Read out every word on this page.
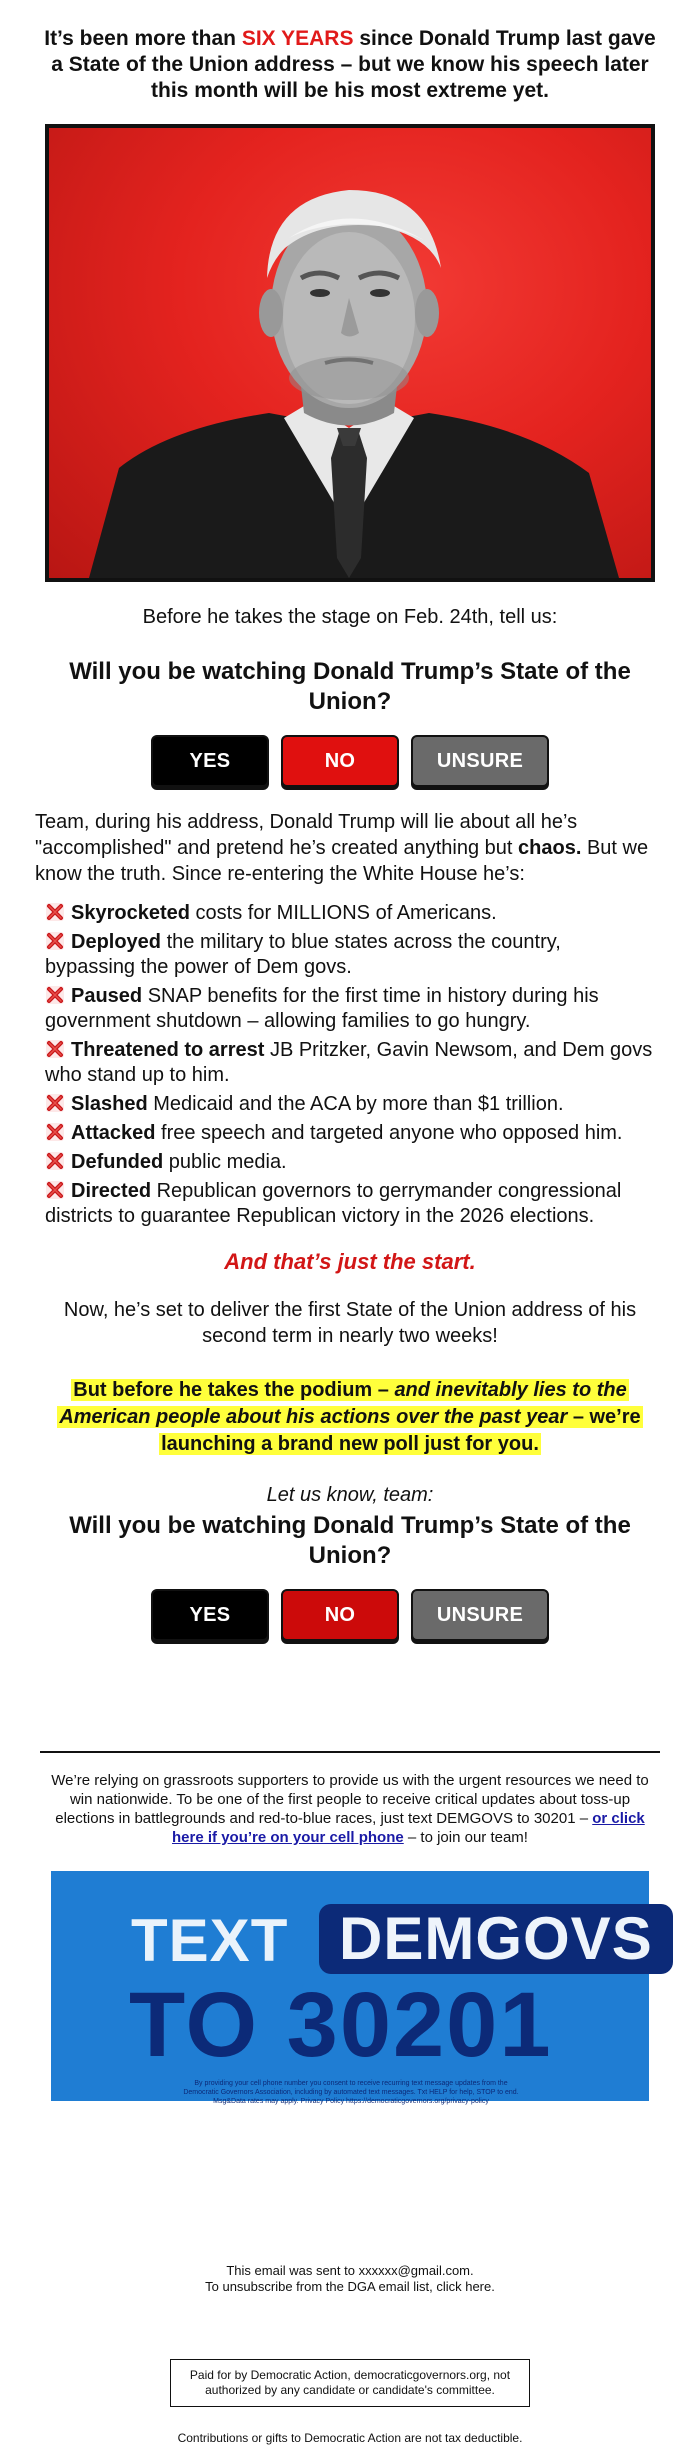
It’s been more than SIX YEARS since Donald Trump last gave a State of the Union address – but we know his speech later this month will be his most extreme yet.

Before he takes the stage on Feb. 24th, tell us:

Will you be watching Donald Trump’s State of the Union?
YES	NO	UNSURE

Team, during his address, Donald Trump will lie about all he’s "accomplished" and pretend he’s created anything but chaos. But we know the truth. Since re-entering the White House he’s:

Skyrocketed costs for MILLIONS of Americans.
Deployed the military to blue states across the country, bypassing the power of Dem govs.
Paused SNAP benefits for the first time in history during his government shutdown – allowing families to go hungry.
Threatened to arrest JB Pritzker, Gavin Newsom, and Dem govs who stand up to him.
Slashed Medicaid and the ACA by more than $1 trillion.
Attacked free speech and targeted anyone who opposed him.
Defunded public media.
Directed Republican governors to gerrymander congressional districts to guarantee Republican victory in the 2026 elections.

And that’s just the start.

Now, he’s set to deliver the first State of the Union address of his second term in nearly two weeks!

But before he takes the podium – and inevitably lies to the American people about his actions over the past year – we’re launching a brand new poll just for you.

Let us know, team:

Will you be watching Donald Trump’s State of the Union?
YES	NO	UNSURE

We’re relying on grassroots supporters to provide us with the urgent resources we need to win nationwide. To be one of the first people to receive critical updates about toss-up elections in battlegrounds and red-to-blue races, just text DEMGOVS to 30201 – or click here if you’re on your cell phone – to join our team!

TEXT DEMGOVS
TO 30201
By providing your cell phone number you consent to receive recurring text message updates from the Democratic Governors Association, including by automated text messages. Txt HELP for help, STOP to end. Msg&Data rates may apply. Privacy Policy https://democraticgovernors.org/privacy-policy
This email was sent to xxxxxx@gmail.com.
To unsubscribe from the DGA email list, click here.
Paid for by Democratic Action, democraticgovernors.org, not authorized by any candidate or candidate's committee.

Contributions or gifts to Democratic Action are not tax deductible.
